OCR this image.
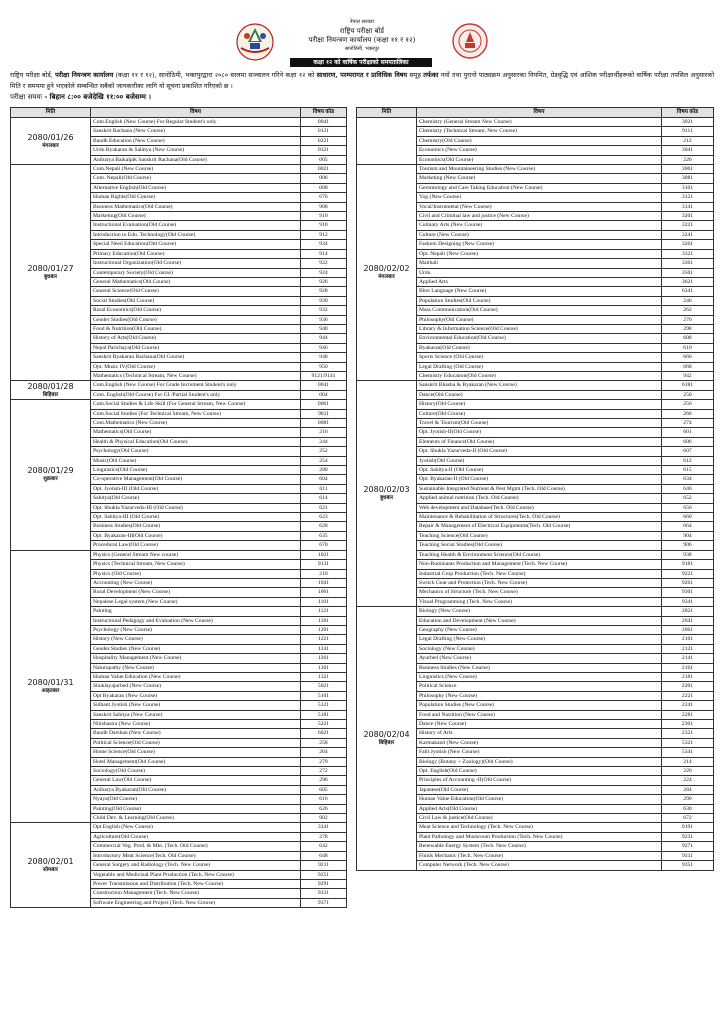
नेपाल सरकार
राष्ट्रिय परीक्षा बोर्ड
परीक्षा नियन्त्रण कार्यालय (कक्षा ११ र १२)
सानोठिमी, भक्तपुर
कक्षा १२ को वार्षिक परीक्षाको समयतालिका
राष्ट्रिय परीक्षा बोर्ड, परीक्षा नियन्त्रण कार्यालय (कक्षा ११ र १२), सानोठिमी, भक्तपुरद्वारा २०८० सालमा सञ्चालन गरिने कक्षा १२ को साधारण, परम्परागत र प्राविधिक विषय समूह तर्फका नयाँ तथा पुरानो पाठ्यक्रम अनुसारका नियमित, ग्रेडवृद्धि एवं आंशिक परीक्षार्थीहरूको वार्षिक परीक्षा तपसिल अनुसारको मिति र समयमा हुने भएकोले सम्बन्धित सबैको जानकारीका लागि यो सूचना प्रकाशित गरिएको छ ।
परीक्षा समयः - बिहान ८:०० बजेदेखि ११:०० बजेसम्म ।
मिति	विषय	विषय कोड

2080/01/26
मंगलबार	Com.English (New Course) For Regular Student's only	0041
	Sanskrit Rachana (New Course)	0121
	Baudh Education (New Course)	0221
	Urdu Byakaran & Sahitya (New Course)	0321
	Anibarya Baikalpik Sanskrit Rachana(Old Course)	005

2080/01/27
बुधबार	Com.Nepali (New Course)	0021
	Com. Nepali(Old Course)	006
	Alternative English(Old Course)	008
	Human Rights(Old Course)	676
	Business Mathematics(Old Course)	908
	Marketing(Old Course)	910
	Instructional Evaluation(Old Course)	918
	Introduction to Edu. Technology(Old Course)	912
	Special Need Education(Old Course)	934
	Primary Education(Old Course)	914
	Instructional Organization(Old Course)	922
	Contemporary Society(Old Course)	924
	General Mathematics(Old Course)	926
	General Science(Old Course)	928
	Social Studies(Old Course)	930
	Rural Economics(Old Course)	932
	Gender Studies(Old Course)	936
	Food & Nutrition(Old Course)	940
	History of Arts(Old Course)	944
	Nepal Parichaya(Old Course)	946
	Sanskrit Byakaran Rachana(Old Course)	948
	Opt. Music IV(Old Course)	950
	Mathematics (Technical Stream, New Course)	9121/9141

2080/01/28
बिहिबार	Com.English (New Course) For Grade Increment Student's only	0041
	Com. English(Old Course) For GI /Partial Student's only	004

2080/01/29
शुक्रबार	Com.Social Studies & Life Skill (For General Stream, New Course)	0061
	Com.Social Studies (For Technical Stream, New Course)	9011
	Com.Mathematics (New Course)	0081
	Mathematics(Old Course)	216
	Health & Physical Education(Old Course)	244
	Psychology(Old Course)	252
	Music(Old Course)	254
	Linguistics(Old Course)	280
	Co-operative Management(Old Course)	604
	Opt. Jyotish-III (Old Course)	611
	Sahitya(Old Course)	614
	Opt. Shukla Yazurveda-III (Old Course)	621
	Opt. Sahitya-III (Old Course)	623
	Business Studies(Old Course)	628
	Opt. Byakaran-III(Old Course)	635
	Procedural Law(Old Course)	670

2080/01/31
आइतबार	Physics (General Stream New course)	1021
	Physics (Technical Stream, New Course)	9131
	Physics (Old Course)	210
	Accounting (New Course)	1041
	Rural Development (New Course)	1061
	Nepalese Legal system (New Course)	1101
	Painting	1121
	Instructional Pedagogy and Evaluation (New Course)	1181
	Psychology (New Course)	1201
	History (New Course)	1221
	Gender Studies (New Course)	1241
	Hospitality Management (New Course)	1261
	Naturopathy (New Course)	1301
	Human Value Education (New Course)	1321
	Shuklayajurbed (New Course)	5021
	Opt Byakaran (New Course)	5101
	Sidhant Jyotish (New Course)	5121
	Sanskrit Sahitya (New Course)	5181
	Nitishastra (New Course)	5221
	Baudh Darshan (New Course)	6021
	Political Science(Old Course)	258
	Home Science(Old Course)	264
	Hotel Management(Old Course)	270
	Sociology(Old Course)	272
	General Law(Old Course)	296
	Anibarya Byakaran(Old Course)	605
	Nyaya(Old Course)	616
	Painting(Old Course)	626
	Child Dev. & Learning(Old Course)	902

2080/02/01
सोमबार	Opt English (New Course)	3341
	Agriculture(Old Course)	278
	Commercial Veg. Prod. & Mkt. (Tech. Old Course)	642
	Introductory Meat Science(Tech. Old Course)	648
	General Surgery and Radiology (Tech. New Course)	9211
	Vegetable and Medicinal Plant Production (Tech. New Course)	9251
	Power Transmission and Distribution (Tech. New Course)	9291
	Construction Management (Tech. New Course)	9331
	Software Engineering and Project (Tech. New Course)	9371
मिति	विषय	विषय कोड

	Chemistry (General Stream New Course)	3021
	Chemistry (Technical Stream, New Course)	9111
	Chemistry(Old Course)	212
	Economics (New Course)	3041
	Economics(Old Course)	226

2080/02/02
मंगलबार	Tourism and Mountaineering Studies (New Course)	3061
	Marketing (New Course)	3081
	Gerontology and Care Taking Education (New Course)	3101
	Yog (New Course)	3121
	Vocal/Instrumetal (New Course)	3141
	Civil and Criminal law and justice (New Course)	3201
	Culinary Arts (New Course)	3221
	Culture (New Course)	3241
	Fashion Designing (New Course)	3261
	Opt. Nepali (New Course)	3321
	Maithali	3361
	Urdu	3501
	Applied Arts	3621
	Bhot Language (New Course)	6341
	Population Studies(Old Course)	246
	Mass Communication(Old Course)	262
	Philosophy(Old Course)	276
	Library & Information Science(Old Course)	298
	Environmental Education(Old Course)	608
	Byakaran(Old Course)	610
	Sports Science (Old Course)	666
	Legal Drafting (Old Course)	668
	Chemistry Education(Old Course)	942

2080/02/03
बुधबार	Sanskrit Bhasha & Byakaran (New Course)	6181
	Dance(Old Course)	250
	History(Old Course)	256
	Culture(Old Course)	266
	Travel & Tourism(Old Course)	274
	Opt. Jyotish-II(Old Course)	601
	Elements of Finance(Old Course)	606
	Opt. Shukla Yazurveda-II (Old Course)	607
	Jyotish(Old Course)	612
	Opt. Sahitya-II (Old Course)	615
	Opt. Byakaran-II (Old Course)	634
	Sustainable Integrated Nutrient & Pest Mgmt (Tech. Old Course)	646
	Applied animal nutrition (Tech. Old Course)	652
	Web development and Database(Tech. Old Course)	656
	Maintenance & Rehabilitation of Structures(Tech. Old Course)	660
	Repair & Management of Electrical Equipments(Tech. Old Course)	664
	Teaching Science(Old Course)	904
	Teaching Social Studies(Old Course)	906
	Teaching Health & Environment Science(Old Course)	938
	Non-Ruminants Production and Management (Tech. New Course)	9181
	Industrial Crop Production (Tech. New Course)	9221
	Switch Gear and Protection (Tech. New Course)	9261
	Mechanics of Structure (Tech. New Course)	9301
	Visual Programming (Tech. New Course)	9341

2080/02/04
बिहिबार	Biology (New Course)	2021
	Education and Development (New Course)	2041
	Geography (New Course)	2061
	Legal Drafting (New Course)	2101
	Sociology (New Course)	2121
	Ayurbed (New Course)	2141
	Business Studies (New Course)	2161
	Linguistics (New Course)	2181
	Political Science	2201
	Philosophy (New Course)	2221
	Population Studies (New Course)	2241
	Food and Nutrition (New Course)	2281
	Dance (New Course)	2301
	History of Arts	2321
	Karmakand (New Course)	5321
	Falit Jyotish (New Course)	5341
	Biology (Botany + Zoology)(Old Course)	214
	Opt. English(Old Course)	220
	Principles of Accounting -II(Old Course)	224
	Japanese(Old Course)	284
	Human Value Education(Old Course)	290
	Applied Arts(Old Course)	630
	Civil Law & justice(Old Course)	672
	Meat Science and Technology (Tech. New Course)	9191
	Plant Pathology and Mushroom Production (Tech. New Course)	9231
	Renewable Energy System (Tech. New Course)	9271
	Fluids Mechanic (Tech. New Course)	9311
	Computer Network (Tech. New Course)	9351
